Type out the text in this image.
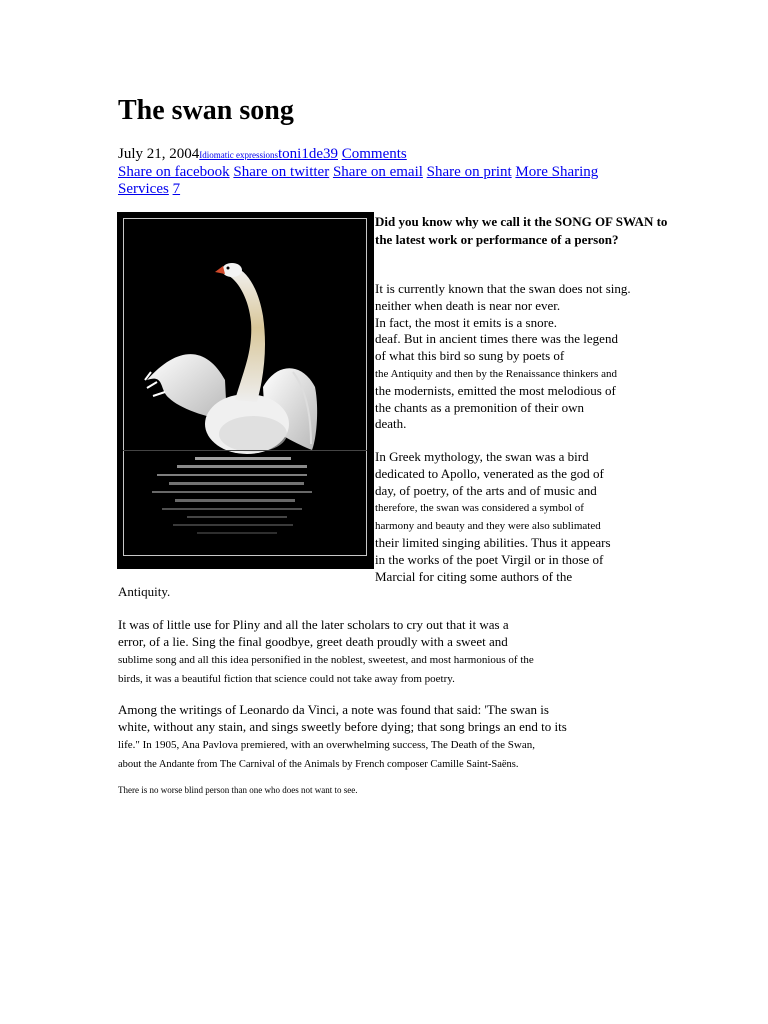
The swan song
July 21, 2004Idiomatic expressionstoni1de39 Comments
Share on facebook Share on twitter Share on email Share on print More Sharing Services 7

Did you know why we call it the SONG OF SWAN to the latest work or performance of a person?

It is currently known that the swan does not sing.
neither when death is near nor ever.
In fact, the most it emits is a snore.
deaf. But in ancient times there was the legend
of what this bird so sung by poets of
the Antiquity and then by the Renaissance thinkers and
the modernists, emitted the most melodious of
the chants as a premonition of their own
death.

In Greek mythology, the swan was a bird
dedicated to Apollo, venerated as the god of
day, of poetry, of the arts and of music and
therefore, the swan was considered a symbol of
harmony and beauty and they were also sublimated
their limited singing abilities. Thus it appears
in the works of the poet Virgil or in those of
Marcial for citing some authors of the

Antiquity.

It was of little use for Pliny and all the later scholars to cry out that it was a
error, of a lie. Sing the final goodbye, greet death proudly with a sweet and
sublime song and all this idea personified in the noblest, sweetest, and most harmonious of the
birds, it was a beautiful fiction that science could not take away from poetry.

Among the writings of Leonardo da Vinci, a note was found that said: 'The swan is
white, without any stain, and sings sweetly before dying; that song brings an end to its
life." In 1905, Ana Pavlova premiered, with an overwhelming success, The Death of the Swan,
about the Andante from The Carnival of the Animals by French composer Camille Saint-Saëns.

There is no worse blind person than one who does not want to see.
